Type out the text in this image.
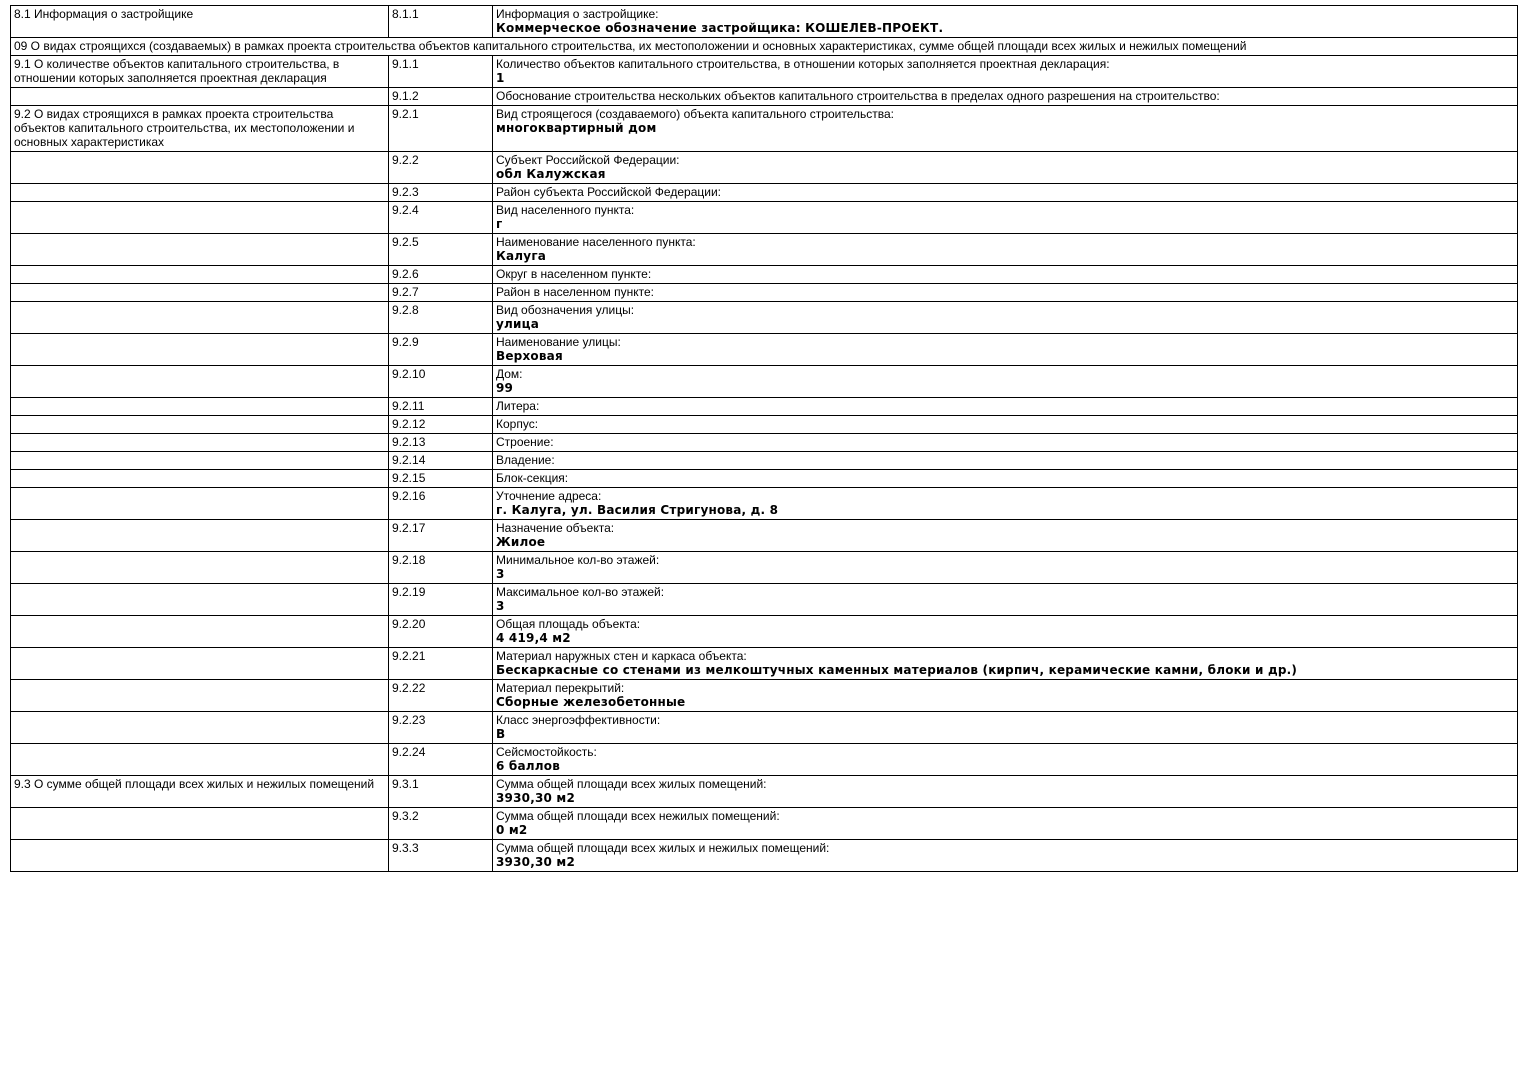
8.1 Информация о застройщике	8.1.1	Информация о застройщике:
Коммерческое обозначение застройщика: КОШЕЛЕВ-ПРОЕКТ.

09 О видах строящихся (создаваемых) в рамках проекта строительства объектов капитального строительства, их местоположении и основных характеристиках, сумме общей площади всех жилых и нежилых помещений		
9.1 О количестве объектов капитального строительства, в отношении которых заполняется проектная декларация	9.1.1	Количество объектов капитального строительства, в отношении которых заполняется проектная декларация:
1

	9.1.2	Обоснование строительства нескольких объектов капитального строительства в пределах одного разрешения на строительство:

9.2 О видах строящихся в рамках проекта строительства объектов капитального строительства, их местоположении и основных характеристиках	9.2.1	Вид строящегося (создаваемого) объекта капитального строительства:
многоквартирный дом

	9.2.2	Субъект Российской Федерации:
обл Калужская

	9.2.3	Район субъекта Российской Федерации:

	9.2.4	Вид населенного пункта:
г

	9.2.5	Наименование населенного пункта:
Калуга

	9.2.6	Округ в населенном пункте:

	9.2.7	Район в населенном пункте:

	9.2.8	Вид обозначения улицы:
улица

	9.2.9	Наименование улицы:
Верховая

	9.2.10	Дом:
99

	9.2.11	Литера:

	9.2.12	Корпус:

	9.2.13	Строение:

	9.2.14	Владение:

	9.2.15	Блок-секция:

	9.2.16	Уточнение адреса:
г. Калуга, ул. Василия Стригунова, д. 8

	9.2.17	Назначение объекта:
Жилое

	9.2.18	Минимальное кол-во этажей:
3

	9.2.19	Максимальное кол-во этажей:
3

	9.2.20	Общая площадь объекта:
4 419,4 м2

	9.2.21	Материал наружных стен и каркаса объекта:
Бескаркасные со стенами из мелкоштучных каменных материалов (кирпич, керамические камни, блоки и др.)

	9.2.22	Материал перекрытий:
Сборные железобетонные

	9.2.23	Класс энергоэффективности:
В

	9.2.24	Сейсмостойкость:
6 баллов

9.3 О сумме общей площади всех жилых и нежилых помещений	9.3.1	Сумма общей площади всех жилых помещений:
3930,30 м2

	9.3.2	Сумма общей площади всех нежилых помещений:
0 м2

	9.3.3	Сумма общей площади всех жилых и нежилых помещений:
3930,30 м2
